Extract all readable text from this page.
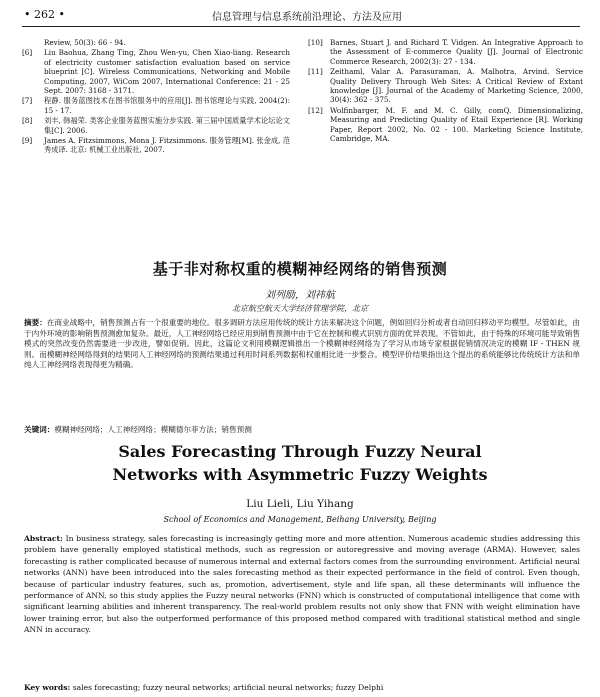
• 262 •	信息管理与信息系统前沿理论、方法及应用
Review, 50(3): 66 - 94.
[6]	Liu Baohua, Zhang Ting, Zhou Wen-yu, Chen Xiao-liang. Research of electricity customer satisfaction evaluation based on service blueprint [C]. Wireless Communications, Networking and Mobile Computing, 2007, WiCom 2007, International Conference: 21 - 25 Sept. 2007: 3168 - 3171.
[7]	程静. 服务蓝图技术在图书馆服务中的应用[J]. 图书馆理论与实践, 2004(2): 15 - 17.
[8]	刘丰, 韩福荣. 类客企业服务蓝图实施分步实践. 第三届中国质量学术论坛论文集[C]. 2006.
[9]	James A. Fitzsimmons, Mona J. Fitzsimmons. 服务管理[M]. 张金成, 范秀成译. 北京: 机械工业出版社, 2007.
[10]	Barnes, Stuart J. and Richard T. Vidgen. An Integrative Approach to the Assessment of E-commerce Quality [J]. Journal of Electronic Commerce Research, 2002(3): 27 - 134.
[11]	Zeithaml, Valar A. Parasuraman, A. Malhotra, Arvind. Service Quality Delivery Through Web Sites: A Critical Review of Extant knowledge [J]. Journal of the Academy of Marketing Science, 2000, 30(4): 362 - 375.
[12]	Wolfinbarger, M. F. and M. C. Gilly, comQ. Dimensionalizing, Measuring and Predicting Quality of Etail Experience [R]. Working Paper, Report 2002, No. 02 - 100. Marketing Science Institute, Cambridge, MA.
基于非对称权重的模糊神经网络的销售预测
刘列励，刘祎航
北京航空航天大学经济管理学院，北京
摘要：在商业战略中，销售预测占有一个很重要的地位。很多调研方法应用传统的统计方法来解决这个问题，例如回归分析或者自动回归移动平均模型。尽管如此，由于内外环境的影响销售预测愈加复杂。最近，人工神经网络已经应用到销售预测中由于它在控制和模式识别方面的优异表现。不管如此，由于特殊的环境可能导致销售模式的突然改变仍然需要进一步改进，譬如促销。因此，这篇论文利用模糊逻辑推出一个模糊神经网络为了学习从市场专家根据促销情况决定的模糊 IF - THEN 规则。而模糊神经网络得到的结果同人工神经网络的预测结果通过利用时间系列数据和权重相比进一步整合。模型评价结果指出这个提出的系统能够比传统统计方法和单纯人工神经网络表现得更为精确。
关键词：模糊神经网络；人工神经网络；模糊德尔菲方法；销售预测
Sales Forecasting Through Fuzzy Neural
Networks with Asymmetric Fuzzy Weights
Liu Lieli, Liu Yihang
School of Economics and Management, Beihang University, Beijing
Abstract: In business strategy, sales forecasting is increasingly getting more and more attention. Numerous academic studies addressing this problem have generally employed statistical methods, such as regression or autoregressive and moving average (ARMA). However, sales forecasting is rather complicated because of numerous internal and external factors comes from the surrounding environment. Artificial neural networks (ANN) have been introduced into the sales forecasting method as their expected performance in the field of control. Even though, because of particular industry features, such as, promotion, advertisement, style and life span, all these determinants will influence the performance of ANN, so this study applies the Fuzzy neural networks (FNN) which is constructed of computational intelligence that come with significant learning abilities and inherent transparency. The real-world problem results not only show that FNN with weight elimination have lower training error, but also the outperformed performance of this proposed method compared with traditional statistical method and single ANN in accuracy.
Key words: sales forecasting; fuzzy neural networks; artificial neural networks; fuzzy Delphi
